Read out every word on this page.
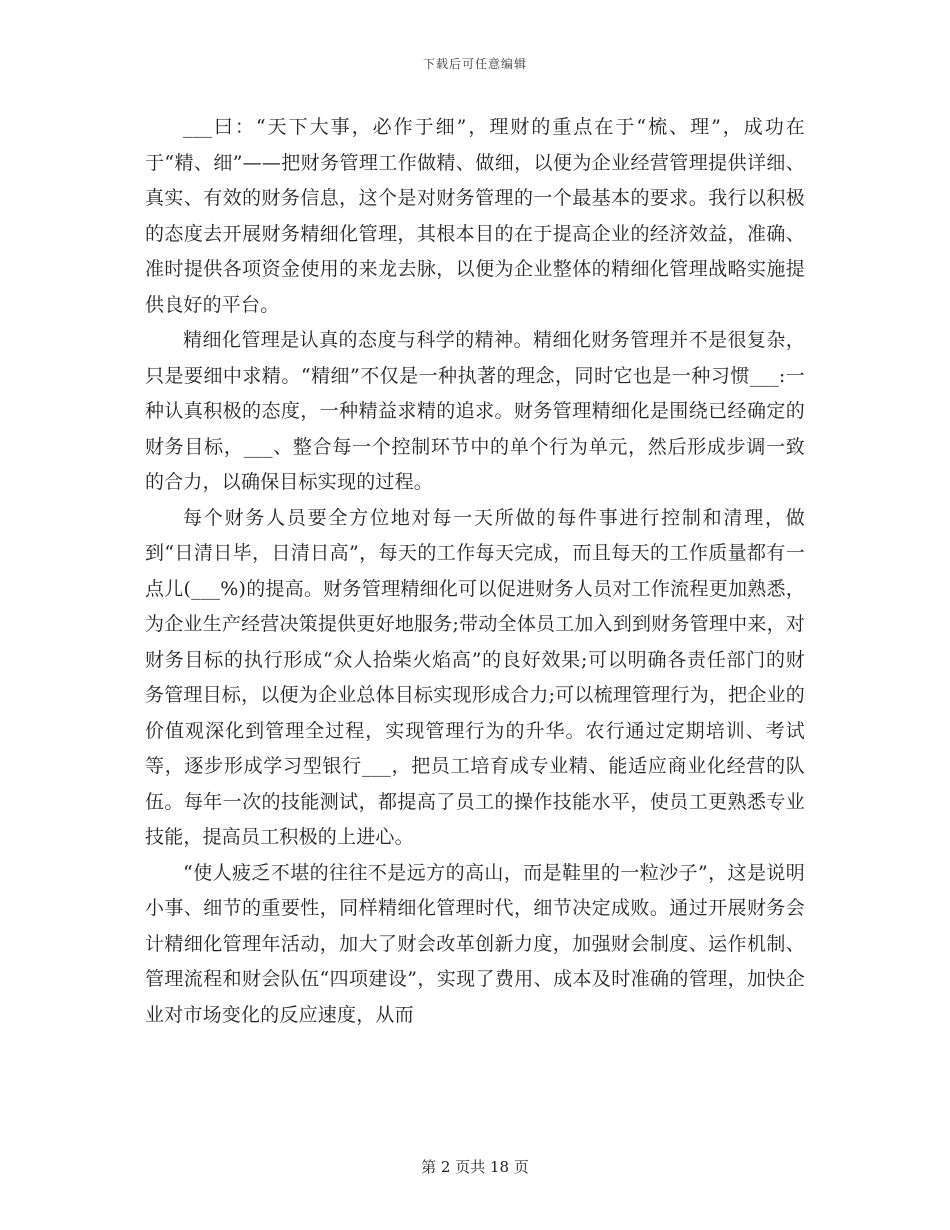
下载后可任意编辑

___曰：“天下大事，必作于细”，理财的重点在于“梳、理”，成功在于“精、细”——把财务管理工作做精、做细，以便为企业经营管理提供详细、真实、有效的财务信息，这个是对财务管理的一个最基本的要求。我行以积极的态度去开展财务精细化管理，其根本目的在于提高企业的经济效益，准确、准时提供各项资金使用的来龙去脉，以便为企业整体的精细化管理战略实施提供良好的平台。

精细化管理是认真的态度与科学的精神。精细化财务管理并不是很复杂，只是要细中求精。“精细”不仅是一种执著的理念，同时它也是一种习惯___:一种认真积极的态度，一种精益求精的追求。财务管理精细化是围绕已经确定的财务目标，___、整合每一个控制环节中的单个行为单元，然后形成步调一致的合力，以确保目标实现的过程。

每个财务人员要全方位地对每一天所做的每件事进行控制和清理，做到“日清日毕，日清日高”，每天的工作每天完成，而且每天的工作质量都有一点儿(___%)的提高。财务管理精细化可以促进财务人员对工作流程更加熟悉，为企业生产经营决策提供更好地服务;带动全体员工加入到到财务管理中来，对财务目标的执行形成“众人拾柴火焰高”的良好效果;可以明确各责任部门的财务管理目标，以便为企业总体目标实现形成合力;可以梳理管理行为，把企业的价值观深化到管理全过程，实现管理行为的升华。农行通过定期培训、考试等，逐步形成学习型银行___，把员工培育成专业精、能适应商业化经营的队伍。每年一次的技能测试，都提高了员工的操作技能水平，使员工更熟悉专业技能，提高员工积极的上进心。

“使人疲乏不堪的往往不是远方的高山，而是鞋里的一粒沙子”，这是说明小事、细节的重要性，同样精细化管理时代，细节决定成败。通过开展财务会计精细化管理年活动，加大了财会改革创新力度，加强财会制度、运作机制、管理流程和财会队伍“四项建设”，实现了费用、成本及时准确的管理，加快企业对市场变化的反应速度，从而

第 2 页共 18 页
